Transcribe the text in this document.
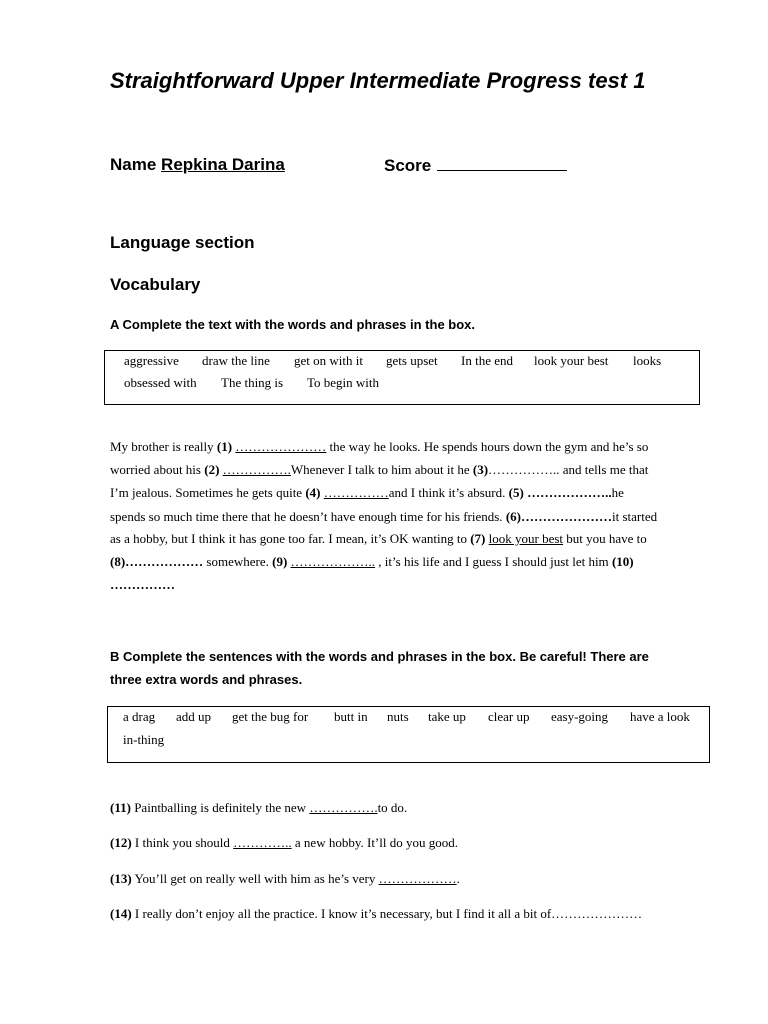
Straightforward Upper Intermediate Progress test 1
Name Repkina Darina	Score
Language section
Vocabulary
A Complete the text with the words and phrases in the box.
aggressive draw the line get on with it gets upset In the end look your best looks
obsessed with The thing is To begin with
My brother is really (1) ………………… the way he looks. He spends hours down the gym and he’s so
worried about his (2) …………….Whenever I talk to him about it he (3)…………….. and tells me that
I’m jealous. Sometimes he gets quite (4) ……………and I think it’s absurd. (5) ………………..he
spends so much time there that he doesn’t have enough time for his friends. (6)…………………it started
as a hobby, but I think it has gone too far. I mean, it’s OK wanting to (7) look your best but you have to
(8)……………… somewhere. (9) ……………….. , it’s his life and I guess I should just let him (10)
……………
B Complete the sentences with the words and phrases in the box. Be careful! There are
three extra words and phrases.
a drag add up get the bug for butt in nuts take up clear up easy-going have a look
in-thing
(11) Paintballing is definitely the new …………….to do.
(12) I think you should ………….. a new hobby. It’ll do you good.
(13) You’ll get on really well with him as he’s very ……………….
(14) I really don’t enjoy all the practice. I know it’s necessary, but I find it all a bit of…………………
